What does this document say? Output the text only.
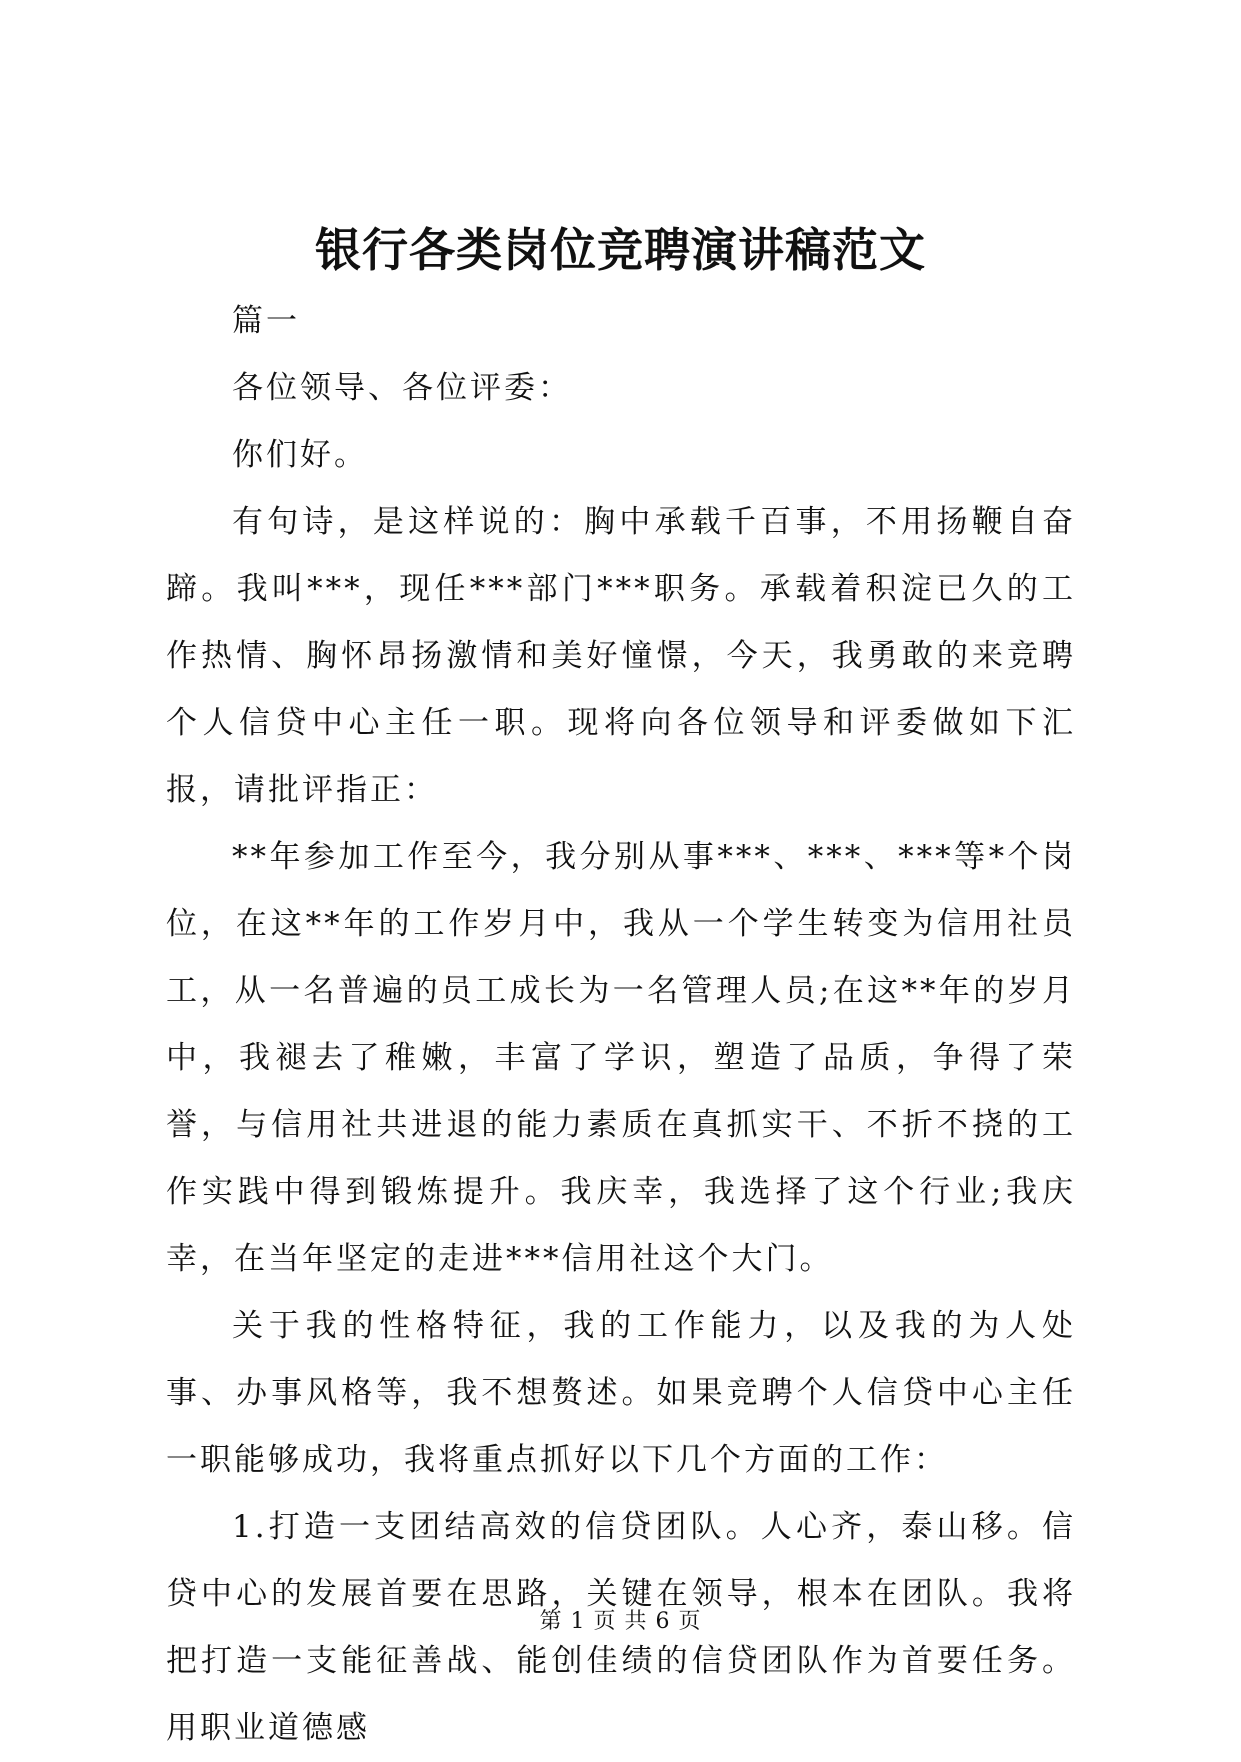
银行各类岗位竞聘演讲稿范文

篇一

各位领导、各位评委：

你们好。

有句诗，是这样说的：胸中承载千百事，不用扬鞭自奋蹄。我叫***，现任***部门***职务。承载着积淀已久的工作热情、胸怀昂扬激情和美好憧憬，今天，我勇敢的来竞聘个人信贷中心主任一职。现将向各位领导和评委做如下汇报，请批评指正：

**年参加工作至今，我分别从事***、***、***等*个岗位，在这**年的工作岁月中，我从一个学生转变为信用社员工，从一名普遍的员工成长为一名管理人员;在这**年的岁月中，我褪去了稚嫩，丰富了学识，塑造了品质，争得了荣誉，与信用社共进退的能力素质在真抓实干、不折不挠的工作实践中得到锻炼提升。我庆幸，我选择了这个行业;我庆幸，在当年坚定的走进***信用社这个大门。

关于我的性格特征，我的工作能力，以及我的为人处事、办事风格等，我不想赘述。如果竞聘个人信贷中心主任一职能够成功，我将重点抓好以下几个方面的工作：

1.打造一支团结高效的信贷团队。人心齐，泰山移。信贷中心的发展首要在思路，关键在领导，根本在团队。我将把打造一支能征善战、能创佳绩的信贷团队作为首要任务。用职业道德感

第 1 页 共 6 页
